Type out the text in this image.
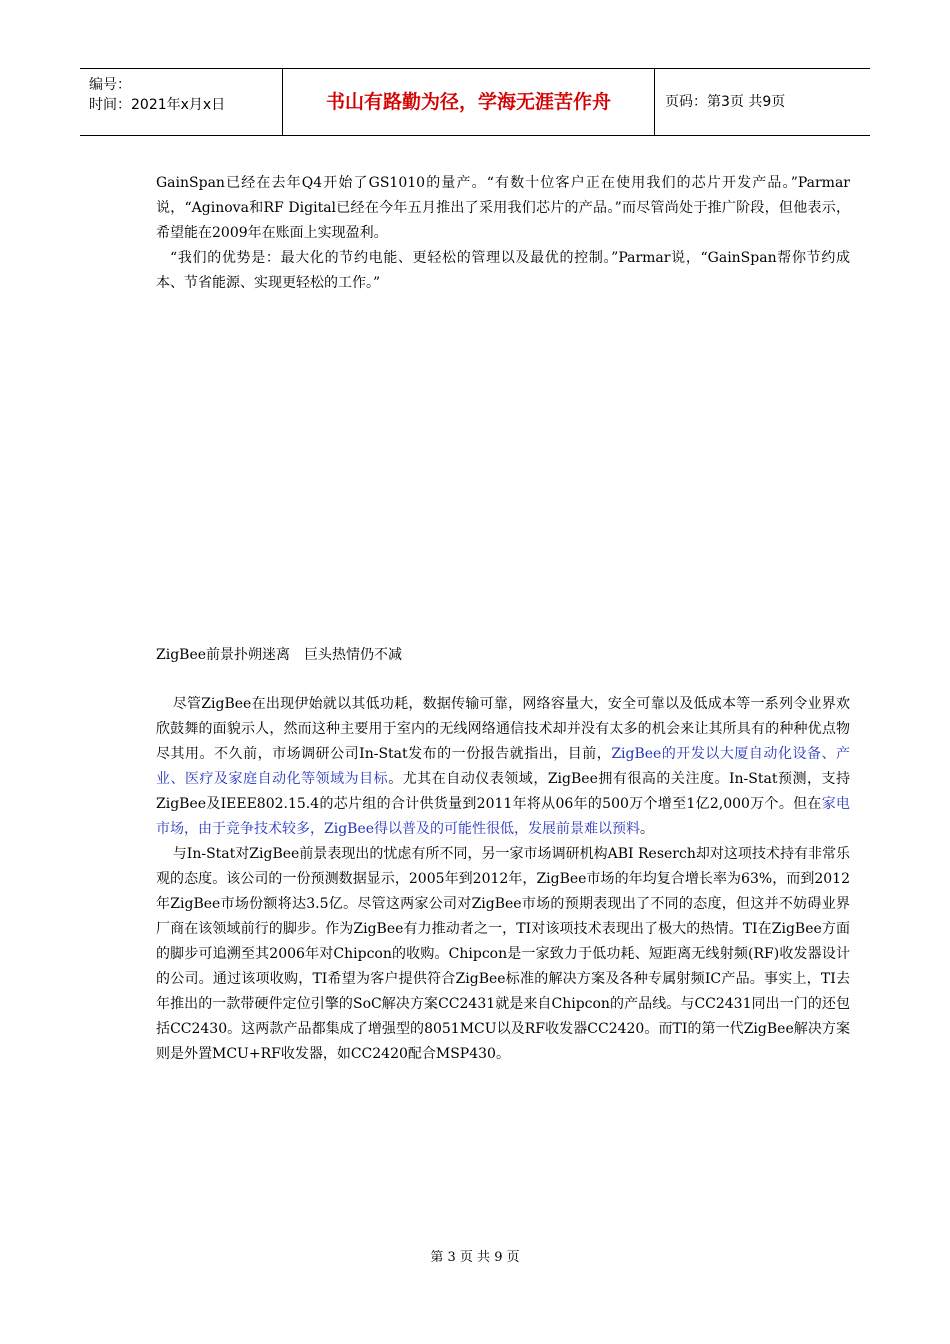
编号：
时间：2021年x月x日	书山有路勤为径，学海无涯苦作舟	页码：第3页 共9页

GainSpan已经在去年Q4开始了GS1010的量产。“有数十位客户正在使用我们的芯片开发产品。”Parmar说，“Aginova和RF Digital已经在今年五月推出了采用我们芯片的产品。”而尽管尚处于推广阶段，但他表示，希望能在2009年在账面上实现盈利。

“我们的优势是：最大化的节约电能、更轻松的管理以及最优的控制。”Parmar说，“GainSpan帮你节约成本、节省能源、实现更轻松的工作。”

ZigBee前景扑朔迷离　巨头热情仍不减

尽管ZigBee在出现伊始就以其低功耗，数据传输可靠，网络容量大，安全可靠以及低成本等一系列令业界欢欣鼓舞的面貌示人，然而这种主要用于室内的无线网络通信技术却并没有太多的机会来让其所具有的种种优点物尽其用。不久前，市场调研公司In-Stat发布的一份报告就指出，目前，ZigBee的开发以大厦自动化设备、产业、医疗及家庭自动化等领域为目标。尤其在自动仪表领域，ZigBee拥有很高的关注度。In-Stat预测，支持ZigBee及IEEE802.15.4的芯片组的合计供货量到2011年将从06年的500万个增至1亿2,000万个。但在家电市场，由于竞争技术较多，ZigBee得以普及的可能性很低，发展前景难以预料。

与In-Stat对ZigBee前景表现出的忧虑有所不同，另一家市场调研机构ABI Reserch却对这项技术持有非常乐观的态度。该公司的一份预测数据显示，2005年到2012年，ZigBee市场的年均复合增长率为63%，而到2012年ZigBee市场份额将达3.5亿。尽管这两家公司对ZigBee市场的预期表现出了不同的态度，但这并不妨碍业界厂商在该领域前行的脚步。作为ZigBee有力推动者之一，TI对该项技术表现出了极大的热情。TI在ZigBee方面的脚步可追溯至其2006年对Chipcon的收购。Chipcon是一家致力于低功耗、短距离无线射频(RF)收发器设计的公司。通过该项收购，TI希望为客户提供符合ZigBee标准的解决方案及各种专属射频IC产品。事实上，TI去年推出的一款带硬件定位引擎的SoC解决方案CC2431就是来自Chipcon的产品线。与CC2431同出一门的还包括CC2430。这两款产品都集成了增强型的8051MCU以及RF收发器CC2420。而TI的第一代ZigBee解决方案则是外置MCU+RF收发器，如CC2420配合MSP430。

第 3 页 共 9 页
